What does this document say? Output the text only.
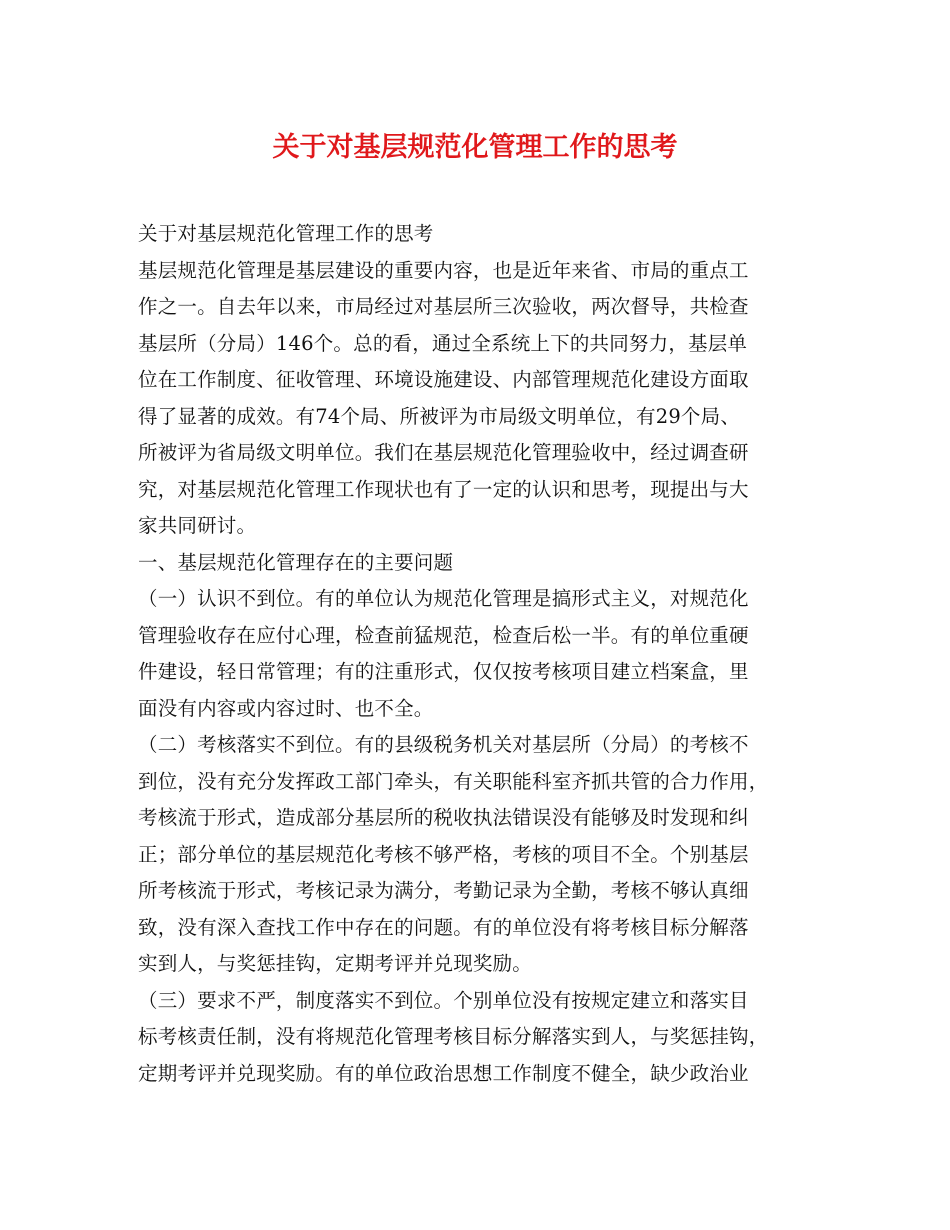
关于对基层规范化管理工作的思考
关于对基层规范化管理工作的思考
基层规范化管理是基层建设的重要内容，也是近年来省、市局的重点工
作之一。自去年以来，市局经过对基层所三次验收，两次督导，共检查
基层所（分局）146个。总的看，通过全系统上下的共同努力，基层单
位在工作制度、征收管理、环境设施建设、内部管理规范化建设方面取
得了显著的成效。有74个局、所被评为市局级文明单位，有29个局、
所被评为省局级文明单位。我们在基层规范化管理验收中，经过调查研
究，对基层规范化管理工作现状也有了一定的认识和思考，现提出与大
家共同研讨。
一、基层规范化管理存在的主要问题
（一）认识不到位。有的单位认为规范化管理是搞形式主义，对规范化
管理验收存在应付心理，检查前猛规范，检查后松一半。有的单位重硬
件建设，轻日常管理；有的注重形式，仅仅按考核项目建立档案盒，里
面没有内容或内容过时、也不全。
（二）考核落实不到位。有的县级税务机关对基层所（分局）的考核不
到位，没有充分发挥政工部门牵头，有关职能科室齐抓共管的合力作用，
考核流于形式，造成部分基层所的税收执法错误没有能够及时发现和纠
正；部分单位的基层规范化考核不够严格，考核的项目不全。个别基层
所考核流于形式，考核记录为满分，考勤记录为全勤，考核不够认真细
致，没有深入查找工作中存在的问题。有的单位没有将考核目标分解落
实到人，与奖惩挂钩，定期考评并兑现奖励。
（三）要求不严，制度落实不到位。个别单位没有按规定建立和落实目
标考核责任制，没有将规范化管理考核目标分解落实到人，与奖惩挂钩，
定期考评并兑现奖励。有的单位政治思想工作制度不健全，缺少政治业
